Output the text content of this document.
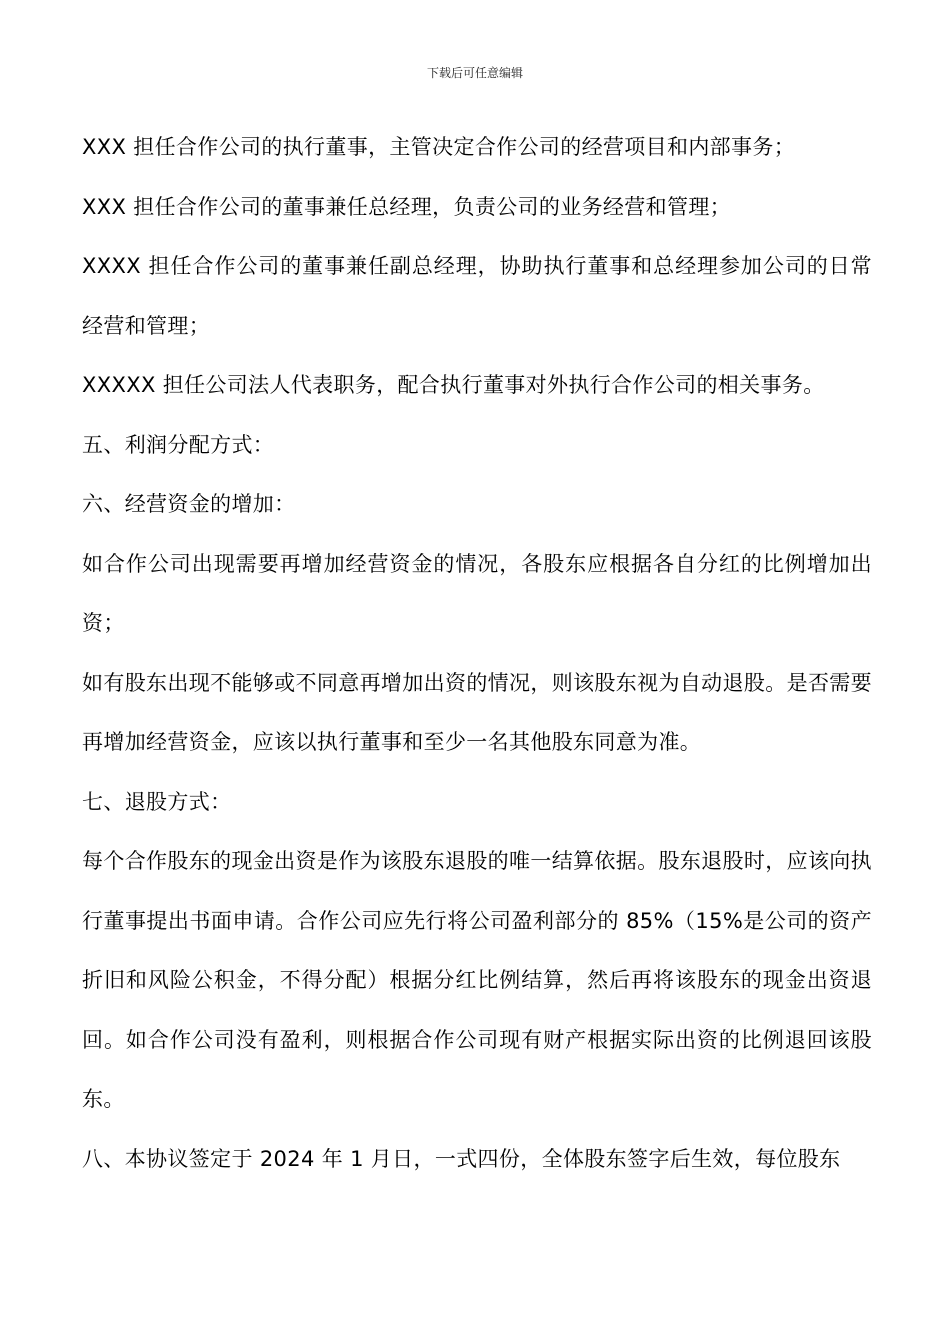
下载后可任意编辑

XXX 担任合作公司的执行董事，主管决定合作公司的经营项目和内部事务；

XXX 担任合作公司的董事兼任总经理，负责公司的业务经营和管理；

XXXX 担任合作公司的董事兼任副总经理，协助执行董事和总经理参加公司的日常经营和管理；

XXXXX 担任公司法人代表职务，配合执行董事对外执行合作公司的相关事务。

五、利润分配方式：

六、经营资金的增加：

如合作公司出现需要再增加经营资金的情况，各股东应根据各自分红的比例增加出资；

如有股东出现不能够或不同意再增加出资的情况，则该股东视为自动退股。是否需要再增加经营资金，应该以执行董事和至少一名其他股东同意为准。

七、退股方式：

每个合作股东的现金出资是作为该股东退股的唯一结算依据。股东退股时，应该向执行董事提出书面申请。合作公司应先行将公司盈利部分的 85%（15%是公司的资产折旧和风险公积金，不得分配）根据分红比例结算，然后再将该股东的现金出资退回。如合作公司没有盈利，则根据合作公司现有财产根据实际出资的比例退回该股东。

八、本协议签定于 2024 年 1 月日，一式四份，全体股东签字后生效，每位股东
